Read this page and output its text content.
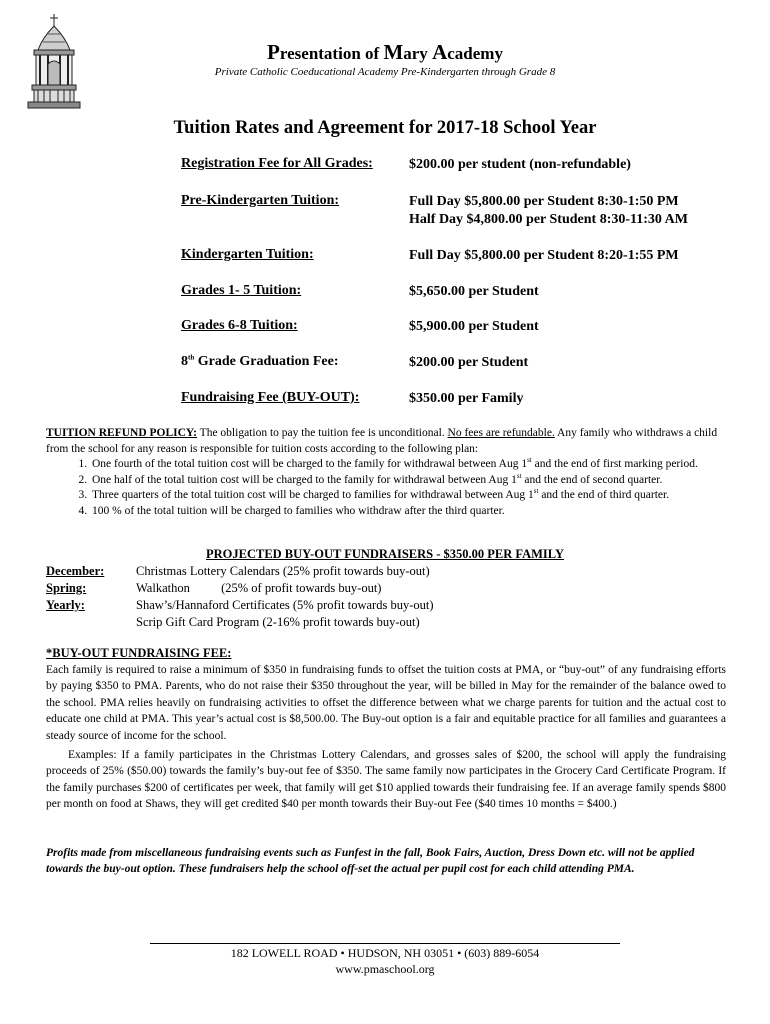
Presentation of Mary Academy
Private Catholic Coeducational Academy Pre-Kindergarten through Grade 8
Tuition Rates and Agreement for 2017-18 School Year
Registration Fee for All Grades:	$200.00 per student (non-refundable)
Pre-Kindergarten Tuition:	Full Day $5,800.00 per Student 8:30-1:50 PM
Half Day $4,800.00 per Student 8:30-11:30 AM
Kindergarten Tuition:	Full Day $5,800.00 per Student 8:20-1:55 PM
Grades 1- 5 Tuition:	$5,650.00 per Student
Grades 6-8 Tuition:	$5,900.00 per Student
8th Grade Graduation Fee:	$200.00 per Student
Fundraising Fee (BUY-OUT):	$350.00 per Family
TUITION REFUND POLICY: The obligation to pay the tuition fee is unconditional. No fees are refundable. Any family who withdraws a child from the school for any reason is responsible for tuition costs according to the following plan:
1. One fourth of the total tuition cost will be charged to the family for withdrawal between Aug 1st and the end of first marking period.
2. One half of the total tuition cost will be charged to the family for withdrawal between Aug 1st and the end of second quarter.
3. Three quarters of the total tuition cost will be charged to families for withdrawal between Aug 1st and the end of third quarter.
4. 100 % of the total tuition will be charged to families who withdraw after the third quarter.
PROJECTED BUY-OUT FUNDRAISERS - $350.00 PER FAMILY
December:	Christmas Lottery Calendars (25% profit towards buy-out)
Spring:	Walkathon          (25% of profit towards buy-out)
Yearly:	Shaw’s/Hannaford Certificates (5% profit towards buy-out)
Scrip Gift Card Program (2-16% profit towards buy-out)
*BUY-OUT FUNDRAISING FEE:
Each family is required to raise a minimum of $350 in fundraising funds to offset the tuition costs at PMA, or “buy-out” of any fundraising efforts by paying $350 to PMA. Parents, who do not raise their $350 throughout the year, will be billed in May for the remainder of the balance owed to the school. PMA relies heavily on fundraising activities to offset the difference between what we charge parents for tuition and the actual cost to educate one child at PMA. This year’s actual cost is $8,500.00. The Buy-out option is a fair and equitable practice for all families and guarantees a steady source of income for the school.
Examples: If a family participates in the Christmas Lottery Calendars, and grosses sales of $200, the school will apply the fundraising proceeds of 25% ($50.00) towards the family’s buy-out fee of $350. The same family now participates in the Grocery Card Certificate Program. If the family purchases $200 of certificates per week, that family will get $10 applied towards their fundraising fee. If an average family spends $800 per month on food at Shaws, they will get credited $40 per month towards their Buy-out Fee ($40 times 10 months = $400.)
Profits made from miscellaneous fundraising events such as Funfest in the fall, Book Fairs, Auction, Dress Down etc. will not be applied towards the buy-out option. These fundraisers help the school off-set the actual per pupil cost for each child attending PMA.
182 LOWELL ROAD • HUDSON, NH 03051 • (603) 889-6054
www.pmaschool.org
